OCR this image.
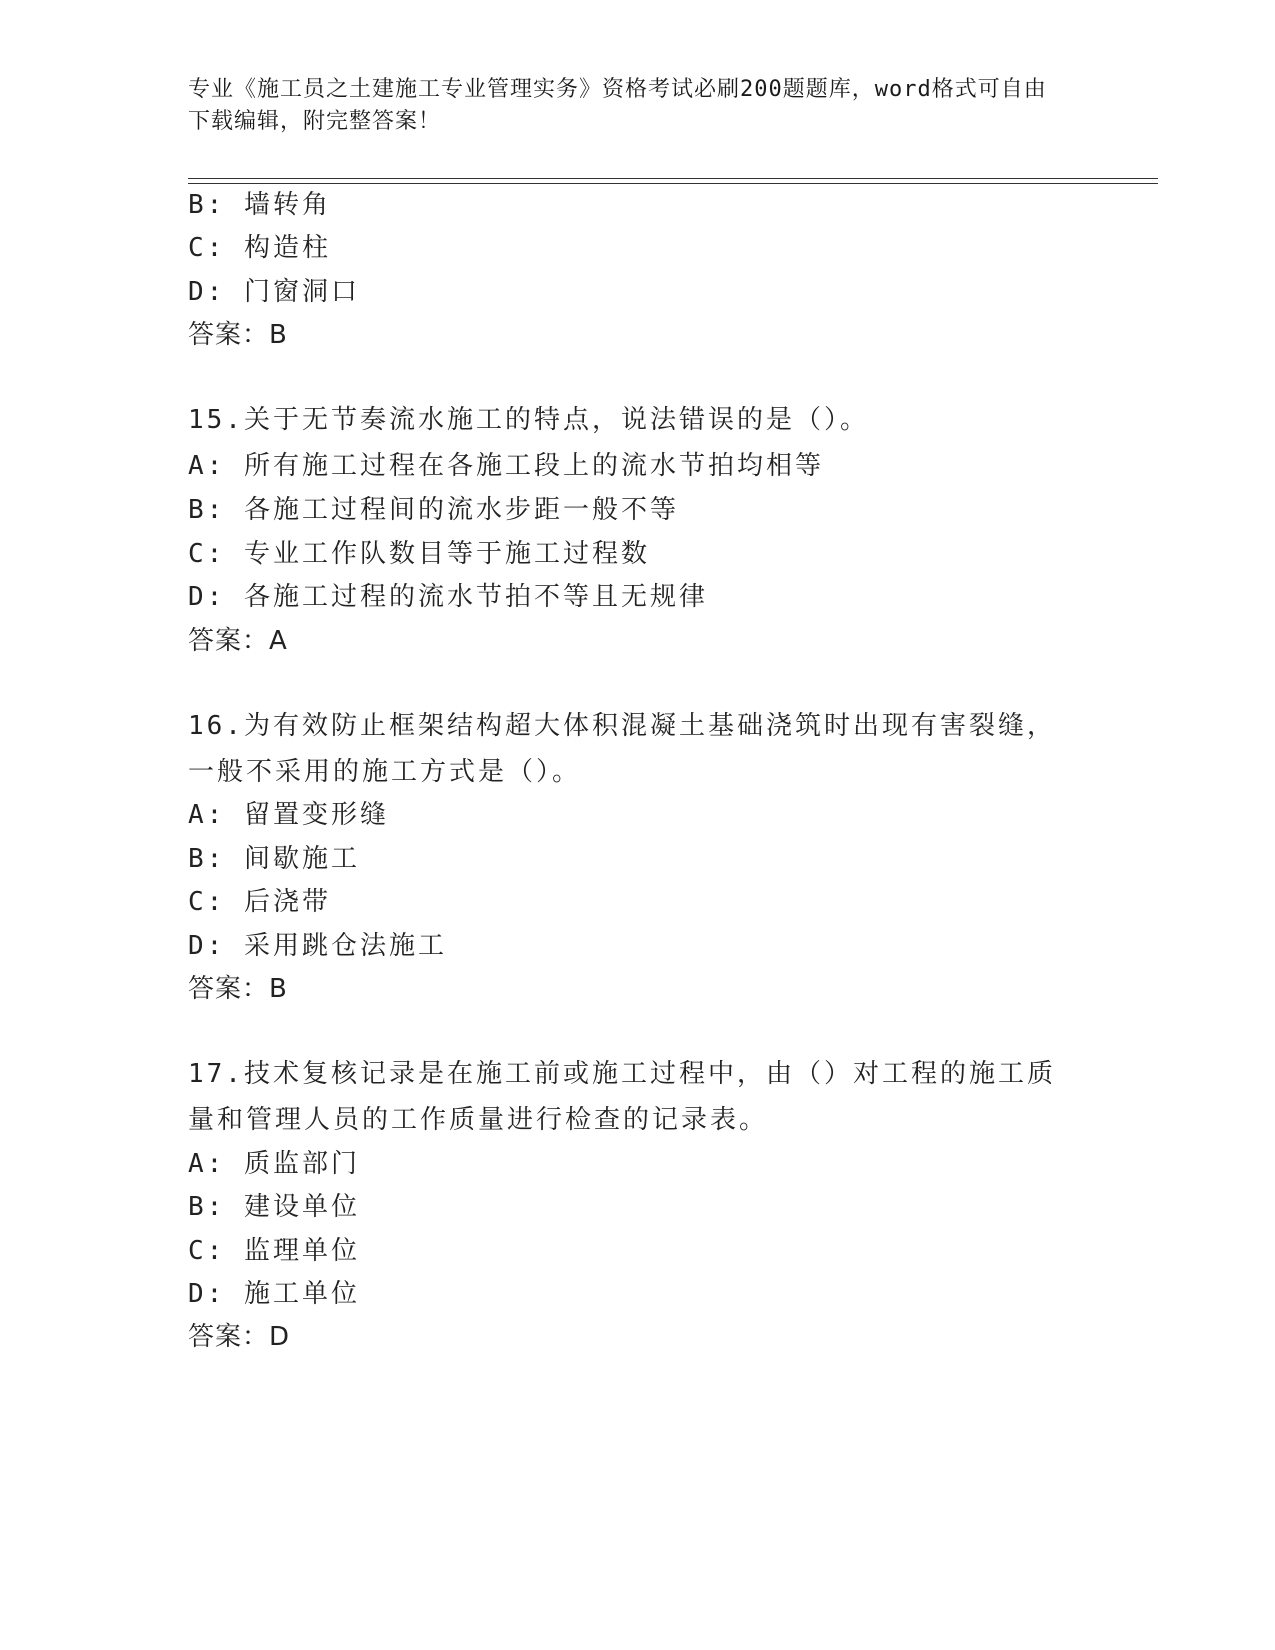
专业《施工员之土建施工专业管理实务》资格考试必刷200题题库，word格式可自由下载编辑，附完整答案！
B: 墙转角
C: 构造柱
D: 门窗洞口
答案：B
15.关于无节奏流水施工的特点，说法错误的是（）。
A: 所有施工过程在各施工段上的流水节拍均相等
B: 各施工过程间的流水步距一般不等
C: 专业工作队数目等于施工过程数
D: 各施工过程的流水节拍不等且无规律
答案：A
16.为有效防止框架结构超大体积混凝土基础浇筑时出现有害裂缝，一般不采用的施工方式是（）。
A: 留置变形缝
B: 间歇施工
C: 后浇带
D: 采用跳仓法施工
答案：B
17.技术复核记录是在施工前或施工过程中，由（）对工程的施工质量和管理人员的工作质量进行检查的记录表。
A: 质监部门
B: 建设单位
C: 监理单位
D: 施工单位
答案：D
